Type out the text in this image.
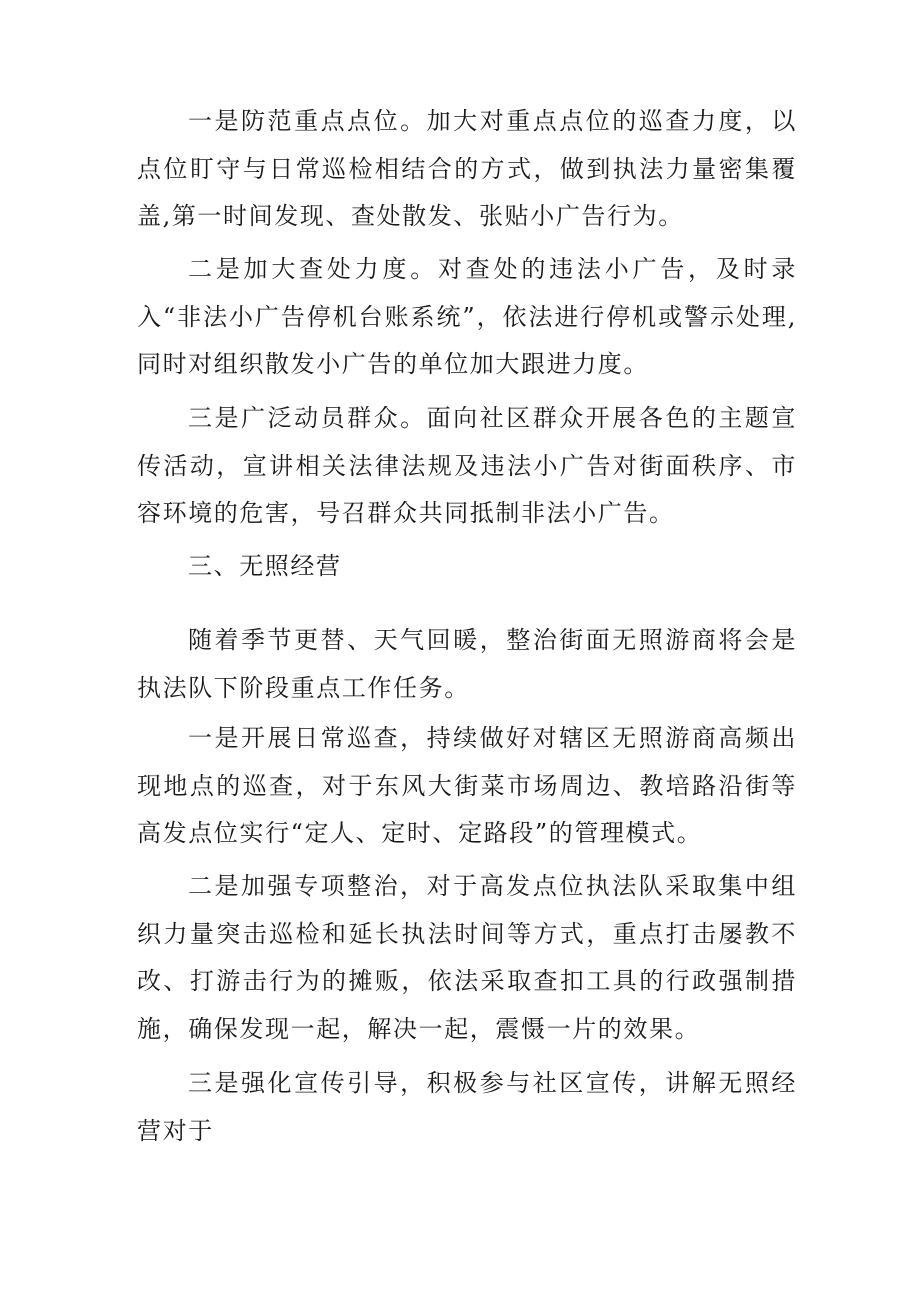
一是防范重点点位。加大对重点点位的巡查力度，以点位盯守与日常巡检相结合的方式，做到执法力量密集覆盖,第一时间发现、查处散发、张贴小广告行为。

二是加大查处力度。对查处的违法小广告，及时录入“非法小广告停机台账系统”，依法进行停机或警示处理,同时对组织散发小广告的单位加大跟进力度。

三是广泛动员群众。面向社区群众开展各色的主题宣传活动，宣讲相关法律法规及违法小广告对街面秩序、市容环境的危害，号召群众共同抵制非法小广告。

三、无照经营

随着季节更替、天气回暖，整治街面无照游商将会是执法队下阶段重点工作任务。

一是开展日常巡查，持续做好对辖区无照游商高频出现地点的巡查，对于东风大街菜市场周边、教培路沿街等高发点位实行“定人、定时、定路段”的管理模式。

二是加强专项整治，对于高发点位执法队采取集中组织力量突击巡检和延长执法时间等方式，重点打击屡教不改、打游击行为的摊贩，依法采取查扣工具的行政强制措施，确保发现一起，解决一起，震慑一片的效果。

三是强化宣传引导，积极参与社区宣传，讲解无照经营对于
